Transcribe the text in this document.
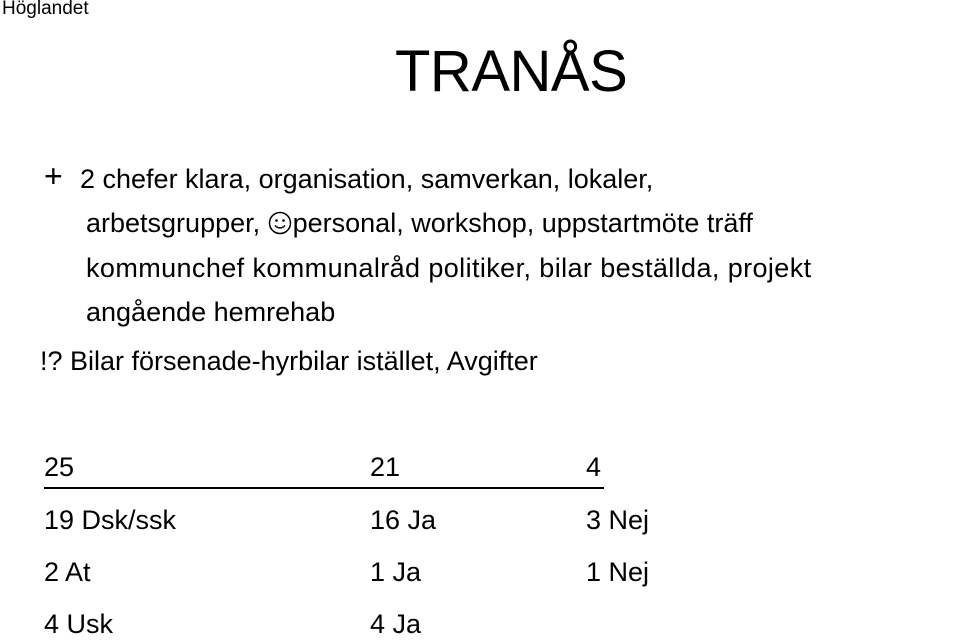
Höglandet
TRANÅS
+ 2 chefer klara, organisation, samverkan, lokaler,
arbetsgrupper, personal, workshop, uppstartmöte träff
kommunchef kommunalråd politiker, bilar beställda, projekt
angående hemrehab
!? Bilar försenade-hyrbilar istället, Avgifter
25	21	4
19 Dsk/ssk	16 Ja	3 Nej
2 At	1 Ja	1 Nej
4 Usk	4 Ja
